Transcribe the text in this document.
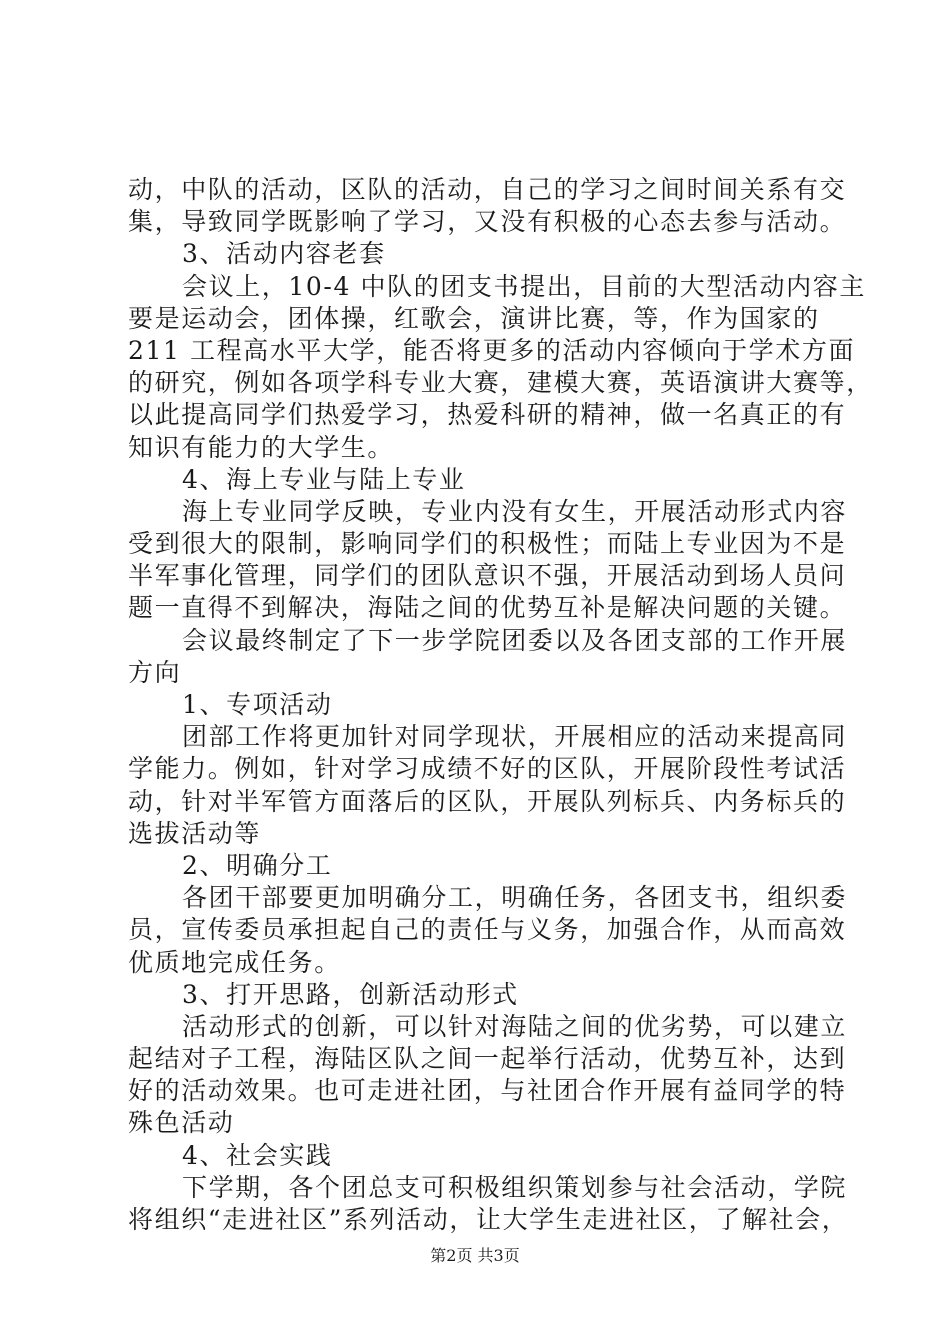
动，中队的活动，区队的活动，自己的学习之间时间关系有交
集，导致同学既影响了学习，又没有积极的心态去参与活动。
3、活动内容老套
会议上，10-4 中队的团支书提出，目前的大型活动内容主
要是运动会，团体操，红歌会，演讲比赛，等，作为国家的
211 工程高水平大学，能否将更多的活动内容倾向于学术方面
的研究，例如各项学科专业大赛，建模大赛，英语演讲大赛等，
以此提高同学们热爱学习，热爱科研的精神，做一名真正的有
知识有能力的大学生。
4、海上专业与陆上专业
海上专业同学反映，专业内没有女生，开展活动形式内容
受到很大的限制，影响同学们的积极性；而陆上专业因为不是
半军事化管理，同学们的团队意识不强，开展活动到场人员问
题一直得不到解决，海陆之间的优势互补是解决问题的关键。
会议最终制定了下一步学院团委以及各团支部的工作开展
方向
1、专项活动
团部工作将更加针对同学现状，开展相应的活动来提高同
学能力。例如，针对学习成绩不好的区队，开展阶段性考试活
动，针对半军管方面落后的区队，开展队列标兵、内务标兵的
选拔活动等
2、明确分工
各团干部要更加明确分工，明确任务，各团支书，组织委
员，宣传委员承担起自己的责任与义务，加强合作，从而高效
优质地完成任务。
3、打开思路，创新活动形式
活动形式的创新，可以针对海陆之间的优劣势，可以建立
起结对子工程，海陆区队之间一起举行活动，优势互补，达到
好的活动效果。也可走进社团，与社团合作开展有益同学的特
殊色活动
4、社会实践
下学期，各个团总支可积极组织策划参与社会活动，学院
将组织“走进社区”系列活动，让大学生走进社区，了解社会，
第2页 共3页
